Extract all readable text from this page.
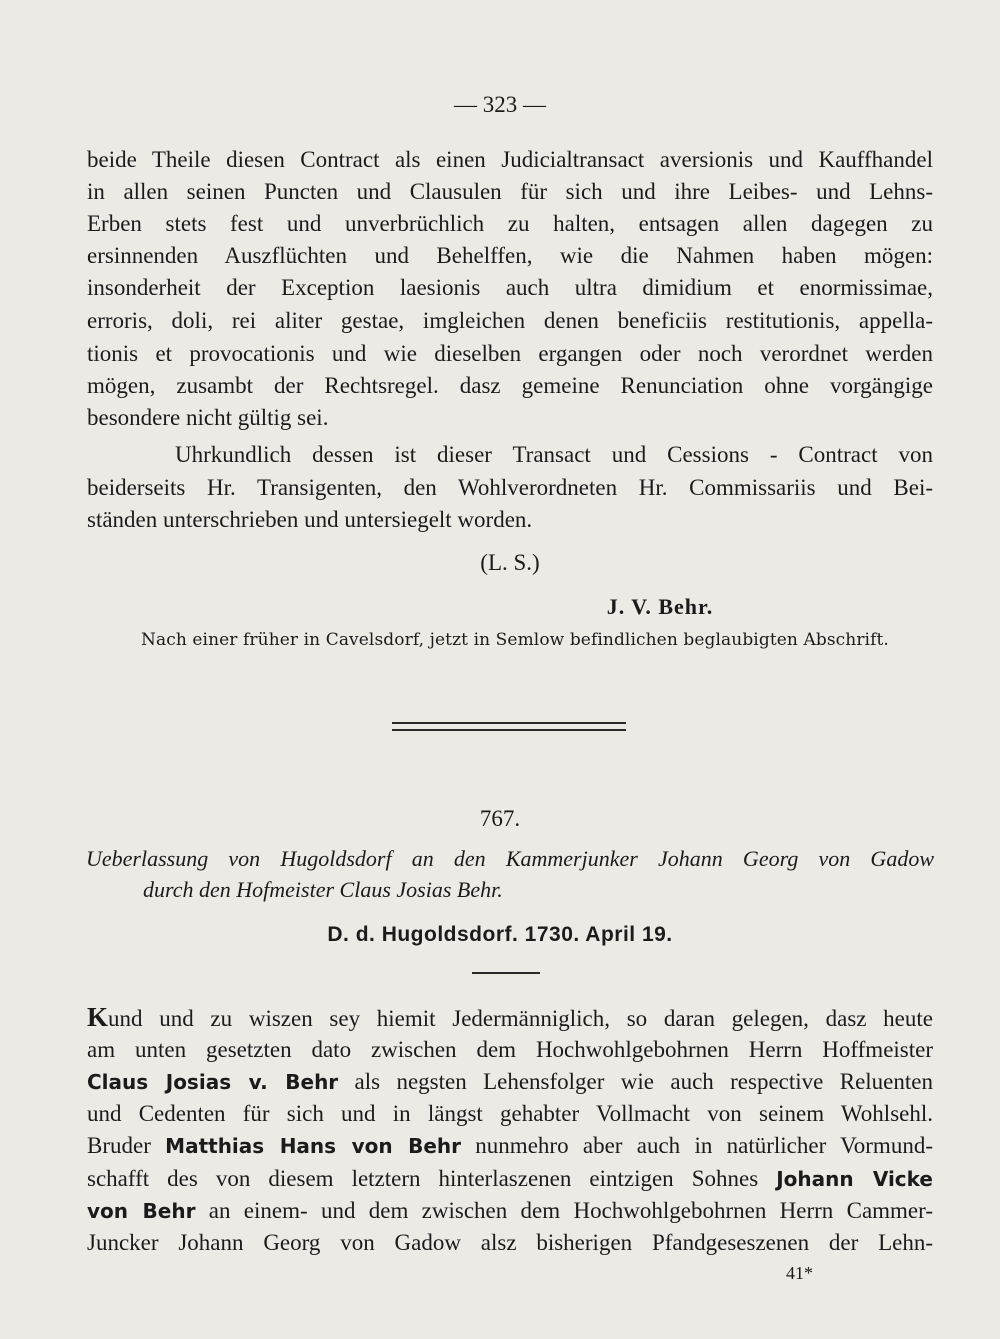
— 323 —
beide Theile diesen Contract als einen Judicialtransact aversionis und Kauffhandel
in allen seinen Puncten und Clausulen für sich und ihre Leibes- und Lehns-
Erben stets fest und unverbrüchlich zu halten, entsagen allen dagegen zu
ersinnenden Auszflüchten und Behelffen, wie die Nahmen haben mögen:
insonderheit der Exception laesionis auch ultra dimidium et enormissimae,
erroris, doli, rei aliter gestae, imgleichen denen beneficiis restitutionis, appella-
tionis et provocationis und wie dieselben ergangen oder noch verordnet werden
mögen, zusambt der Rechtsregel. dasz gemeine Renunciation ohne vorgängige
besondere nicht gültig sei.
Uhrkundlich dessen ist dieser Transact und Cessions - Contract von
beiderseits Hr. Transigenten, den Wohlverordneten Hr. Commissariis und Bei-
ständen unterschrieben und untersiegelt worden.
(L. S.)
J. V. Behr.
Nach einer früher in Cavelsdorf, jetzt in Semlow befindlichen beglaubigten Abschrift.
767.
Ueberlassung von Hugoldsdorf an den Kammerjunker Johann Georg von Gadow
durch den Hofmeister Claus Josias Behr.
D. d. Hugoldsdorf. 1730. April 19.
Kund und zu wiszen sey hiemit Jedermänniglich, so daran gelegen, dasz heute
am unten gesetzten dato zwischen dem Hochwohlgebohrnen Herrn Hoffmeister
Claus Josias v. Behr als negsten Lehensfolger wie auch respective Reluenten
und Cedenten für sich und in längst gehabter Vollmacht von seinem Wohlsehl.
Bruder Matthias Hans von Behr nunmehro aber auch in natürlicher Vormund-
schafft des von diesem letztern hinterlaszenen eintzigen Sohnes Johann Vicke
von Behr an einem- und dem zwischen dem Hochwohlgebohrnen Herrn Cammer-
Juncker Johann Georg von Gadow alsz bisherigen Pfandgeseszenen der Lehn-
41*
